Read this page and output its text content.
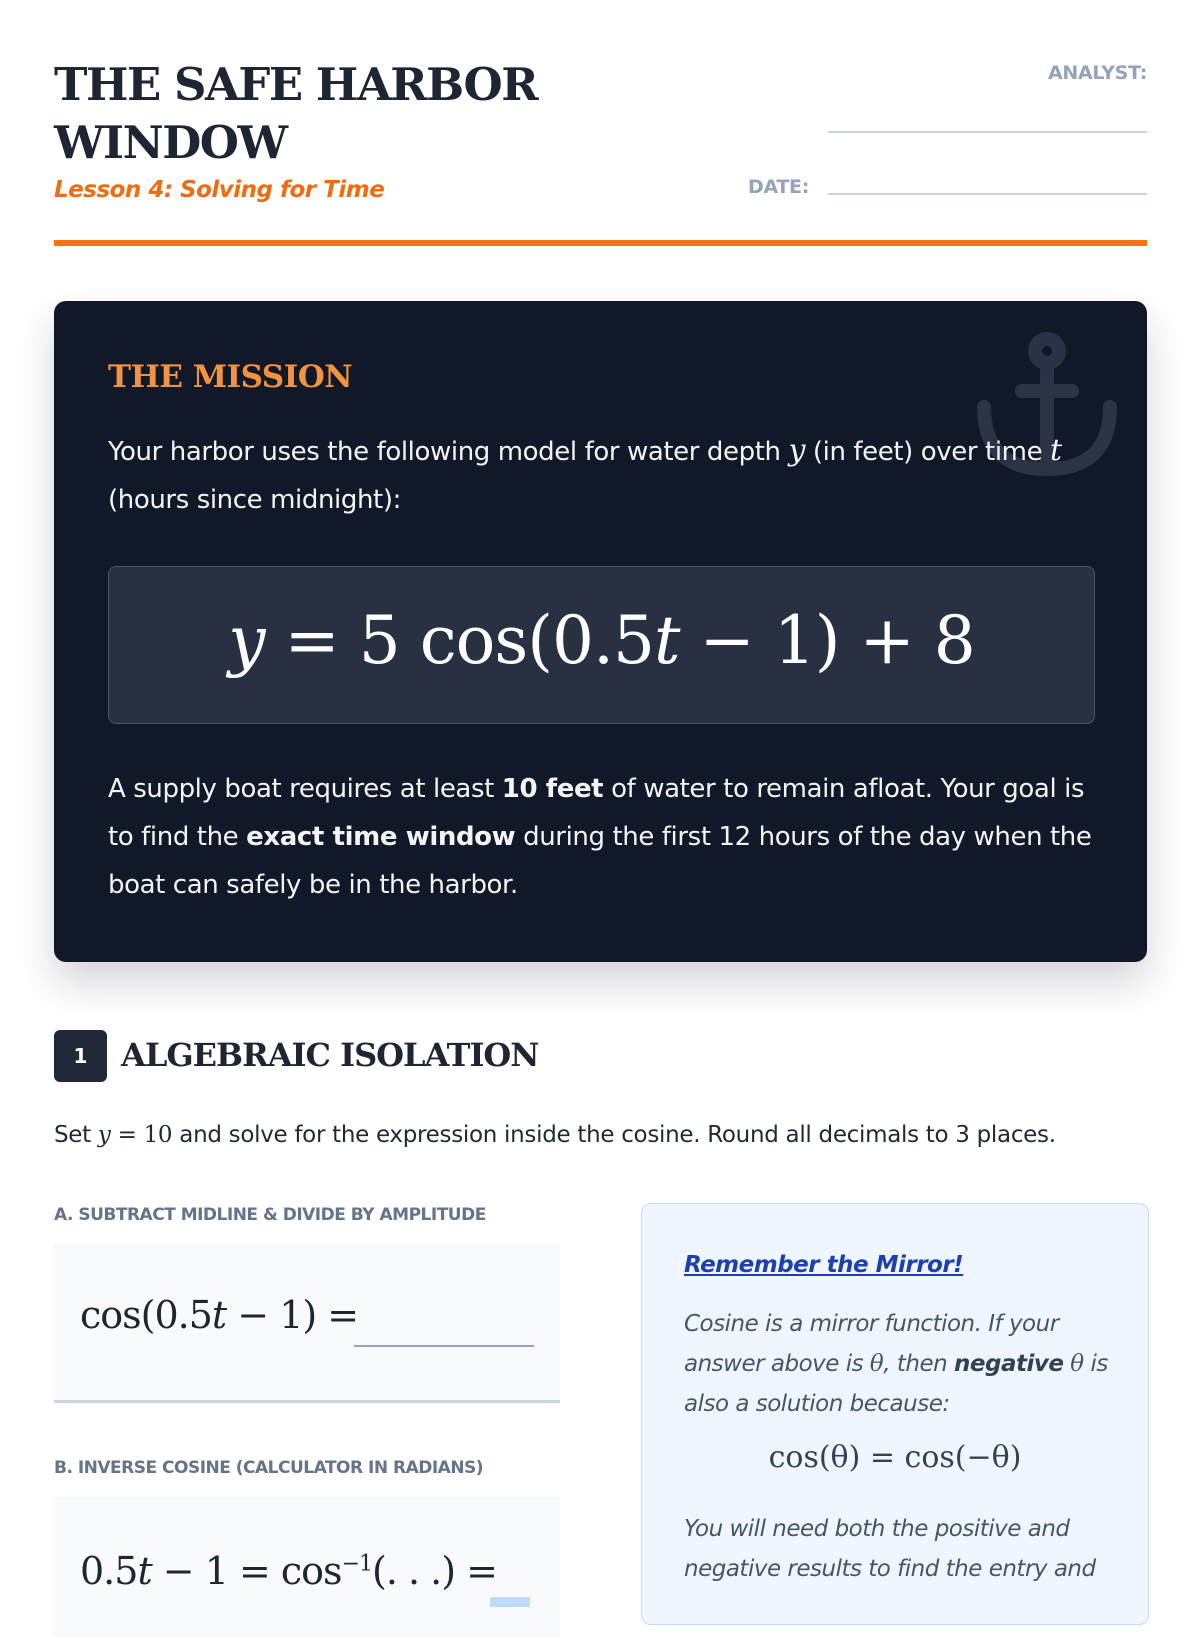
THE SAFE HARBOR WINDOW
Lesson 4: Solving for Time
ANALYST:
DATE:
THE MISSION
Your harbor uses the following model for water depth y (in feet) over time t (hours since midnight):
y = 5 cos(0.5t − 1) + 8
A supply boat requires at least 10 feet of water to remain afloat. Your goal is to find the exact time window during the first 12 hours of the day when the boat can safely be in the harbor.
1	ALGEBRAIC ISOLATION
Set y = 10 and solve for the expression inside the cosine. Round all decimals to 3 places.
A. SUBTRACT MIDLINE & DIVIDE BY AMPLITUDE
cos(0.5t − 1) =
B. INVERSE COSINE (CALCULATOR IN RADIANS)
$0.5t - 1 = \cos^{-1}$(. . .) =
Remember the Mirror!
Cosine is a mirror function. If your answer above is θ, then negative θ is also a solution because:
cos(θ) = cos(−θ)
You will need both the positive and negative results to find the entry and
